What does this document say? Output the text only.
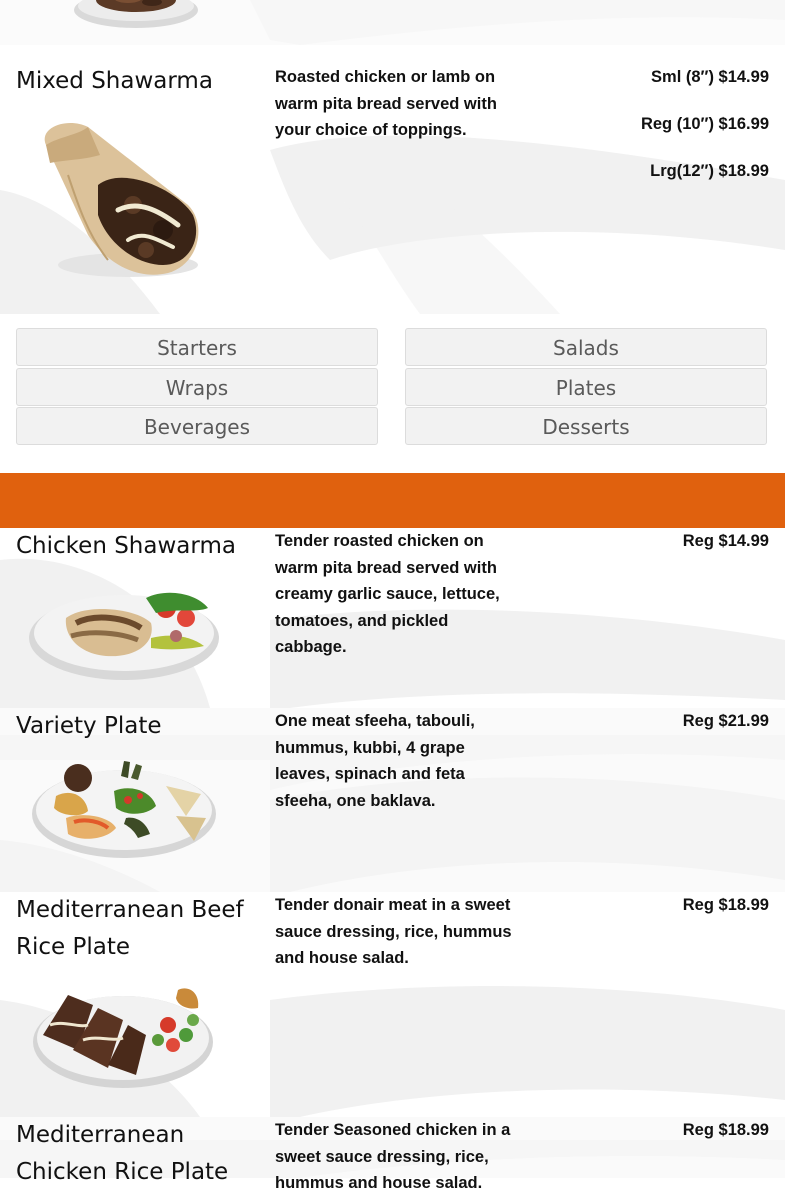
Mixed Shawarma	Roasted chicken or lamb on warm pita bread served with your choice of toppings.
Sml (8″) $14.99
Reg (10″) $16.99
Lrg(12″) $18.99
Starters	Salads
Wraps	Plates
Beverages	Desserts
Chicken Shawarma	Tender roasted chicken on warm pita bread served with creamy garlic sauce, lettuce, tomatoes, and pickled cabbage.
Reg $14.99
Variety Plate	One meat sfeeha, tabouli, hummus, kubbi, 4 grape leaves, spinach and feta sfeeha, one baklava.
Reg $21.99
Mediterranean Beef Rice Plate
Tender donair meat in a sweet sauce dressing, rice, hummus and house salad.
Reg $18.99
Mediterranean Chicken Rice Plate
Tender Seasoned chicken in a sweet sauce dressing, rice, hummus and house salad.
Reg $18.99
